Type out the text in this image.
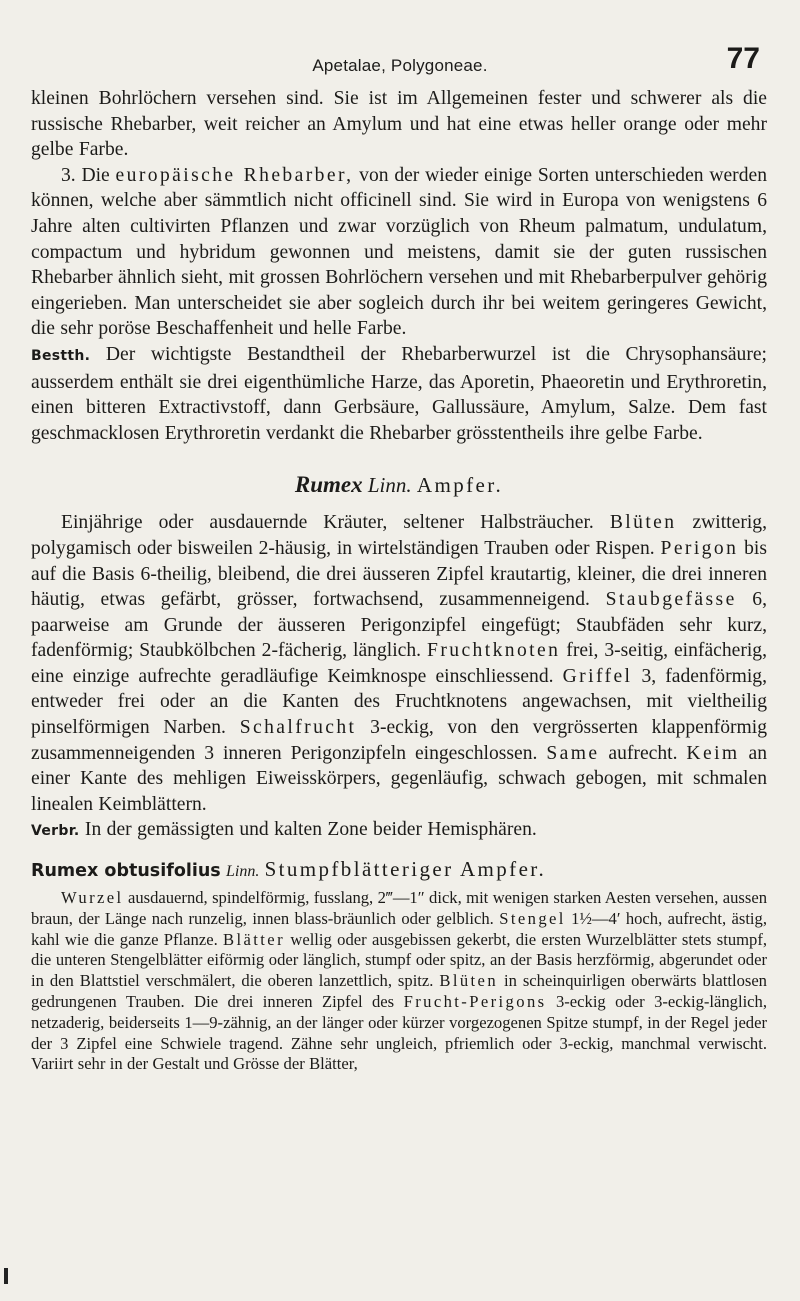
Apetalae, Polygoneae.	77

kleinen Bohrlöchern versehen sind. Sie ist im Allgemeinen fester und schwerer als die russische Rhebarber, weit reicher an Amylum und hat eine etwas heller orange oder mehr gelbe Farbe.

3. Die europäische Rhebarber, von der wieder einige Sorten unterschieden werden können, welche aber sämmtlich nicht officinell sind. Sie wird in Europa von wenigstens 6 Jahre alten cultivirten Pflanzen und zwar vorzüglich von Rheum palmatum, undulatum, compactum und hybridum gewonnen und meistens, damit sie der guten russischen Rhebarber ähnlich sieht, mit grossen Bohrlöchern versehen und mit Rhebarberpulver gehörig eingerieben. Man unterscheidet sie aber sogleich durch ihr bei weitem geringeres Gewicht, die sehr poröse Beschaffenheit und helle Farbe.

Bestth. Der wichtigste Bestandtheil der Rhebarberwurzel ist die Chrysophansäure; ausserdem enthält sie drei eigenthümliche Harze, das Aporetin, Phaeoretin und Erythroretin, einen bitteren Extractivstoff, dann Gerbsäure, Gallussäure, Amylum, Salze. Dem fast geschmacklosen Erythroretin verdankt die Rhebarber grösstentheils ihre gelbe Farbe.

Rumex Linn. Ampfer.

Einjährige oder ausdauernde Kräuter, seltener Halbsträucher. Blüten zwitterig, polygamisch oder bisweilen 2-häusig, in wirtelständigen Trauben oder Rispen. Perigon bis auf die Basis 6-theilig, bleibend, die drei äusseren Zipfel krautartig, kleiner, die drei inneren häutig, etwas gefärbt, grösser, fortwachsend, zusammenneigend. Staubgefässe 6, paarweise am Grunde der äusseren Perigonzipfel eingefügt; Staubfäden sehr kurz, fadenförmig; Staubkölbchen 2-fächerig, länglich. Fruchtknoten frei, 3-seitig, einfächerig, eine einzige aufrechte geradläufige Keimknospe einschliessend. Griffel 3, fadenförmig, entweder frei oder an die Kanten des Fruchtknotens angewachsen, mit vieltheilig pinselförmigen Narben. Schalfrucht 3-eckig, von den vergrösserten klappenförmig zusammenneigenden 3 inneren Perigonzipfeln eingeschlossen. Same aufrecht. Keim an einer Kante des mehligen Eiweisskörpers, gegenläufig, schwach gebogen, mit schmalen linealen Keimblättern.

Verbr. In der gemässigten und kalten Zone beider Hemisphären.

Rumex obtusifolius Linn. Stumpfblätteriger Ampfer.

Wurzel ausdauernd, spindelförmig, fusslang, 2‴—1″ dick, mit wenigen starken Aesten versehen, aussen braun, der Länge nach runzelig, innen blass-bräunlich oder gelblich. Stengel 1½—4′ hoch, aufrecht, ästig, kahl wie die ganze Pflanze. Blätter wellig oder ausgebissen gekerbt, die ersten Wurzelblätter stets stumpf, die unteren Stengelblätter eiförmig oder länglich, stumpf oder spitz, an der Basis herzförmig, abgerundet oder in den Blattstiel verschmälert, die oberen lanzettlich, spitz. Blüten in scheinquirligen oberwärts blattlosen gedrungenen Trauben. Die drei inneren Zipfel des Frucht-Perigons 3-eckig oder 3-eckig-länglich, netzaderig, beiderseits 1—9-zähnig, an der länger oder kürzer vorgezogenen Spitze stumpf, in der Regel jeder der 3 Zipfel eine Schwiele tragend. Zähne sehr ungleich, pfriemlich oder 3-eckig, manchmal verwischt. Variirt sehr in der Gestalt und Grösse der Blätter,
